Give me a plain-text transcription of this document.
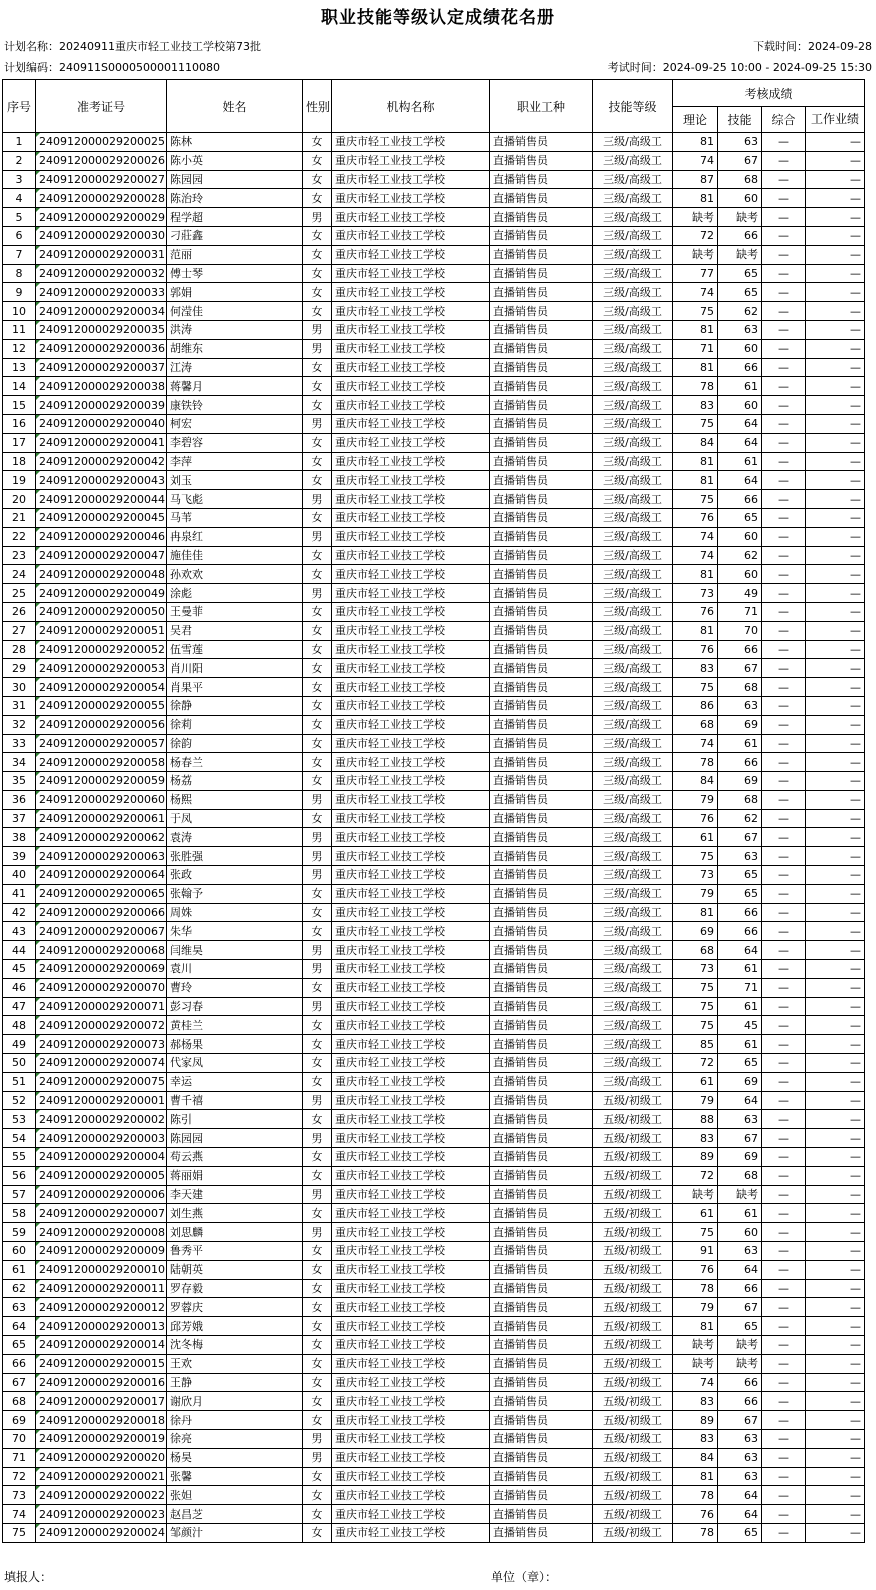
职业技能等级认定成绩花名册
计划名称：20240911重庆市轻工业技工学校第73批	下载时间：2024-09-28
计划编码：240911S0000500001110080	考试时间：2024-09-25 10:00 - 2024-09-25 15:30
序号	准考证号	姓名	性别	机构名称	职业工种	技能等级	考核成绩			
							理论	技能	综合	工作业绩
1	240912000029200025	陈林	女	重庆市轻工业技工学校	直播销售员	三级/高级工	81	63	—	—
2	240912000029200026	陈小英	女	重庆市轻工业技工学校	直播销售员	三级/高级工	74	67	—	—
3	240912000029200027	陈园园	女	重庆市轻工业技工学校	直播销售员	三级/高级工	87	68	—	—
4	240912000029200028	陈治玲	女	重庆市轻工业技工学校	直播销售员	三级/高级工	81	60	—	—
5	240912000029200029	程学超	男	重庆市轻工业技工学校	直播销售员	三级/高级工	缺考	缺考	—	—
6	240912000029200030	刁莊鑫	女	重庆市轻工业技工学校	直播销售员	三级/高级工	72	66	—	—
7	240912000029200031	范丽	女	重庆市轻工业技工学校	直播销售员	三级/高级工	缺考	缺考	—	—
8	240912000029200032	傅士琴	女	重庆市轻工业技工学校	直播销售员	三级/高级工	77	65	—	—
9	240912000029200033	郭娟	女	重庆市轻工业技工学校	直播销售员	三级/高级工	74	65	—	—
10	240912000029200034	何滢佳	女	重庆市轻工业技工学校	直播销售员	三级/高级工	75	62	—	—
11	240912000029200035	洪涛	男	重庆市轻工业技工学校	直播销售员	三级/高级工	81	63	—	—
12	240912000029200036	胡维东	男	重庆市轻工业技工学校	直播销售员	三级/高级工	71	60	—	—
13	240912000029200037	江涛	女	重庆市轻工业技工学校	直播销售员	三级/高级工	81	66	—	—
14	240912000029200038	蒋馨月	女	重庆市轻工业技工学校	直播销售员	三级/高级工	78	61	—	—
15	240912000029200039	康铁铃	女	重庆市轻工业技工学校	直播销售员	三级/高级工	83	60	—	—
16	240912000029200040	柯宏	男	重庆市轻工业技工学校	直播销售员	三级/高级工	75	64	—	—
17	240912000029200041	李碧容	女	重庆市轻工业技工学校	直播销售员	三级/高级工	84	64	—	—
18	240912000029200042	李萍	女	重庆市轻工业技工学校	直播销售员	三级/高级工	81	61	—	—
19	240912000029200043	刘玉	女	重庆市轻工业技工学校	直播销售员	三级/高级工	81	64	—	—
20	240912000029200044	马飞彪	男	重庆市轻工业技工学校	直播销售员	三级/高级工	75	66	—	—
21	240912000029200045	马苇	女	重庆市轻工业技工学校	直播销售员	三级/高级工	76	65	—	—
22	240912000029200046	冉泉红	男	重庆市轻工业技工学校	直播销售员	三级/高级工	74	60	—	—
23	240912000029200047	施佳佳	女	重庆市轻工业技工学校	直播销售员	三级/高级工	74	62	—	—
24	240912000029200048	孙欢欢	女	重庆市轻工业技工学校	直播销售员	三级/高级工	81	60	—	—
25	240912000029200049	涂彪	男	重庆市轻工业技工学校	直播销售员	三级/高级工	73	49	—	—
26	240912000029200050	王曼菲	女	重庆市轻工业技工学校	直播销售员	三级/高级工	76	71	—	—
27	240912000029200051	吴君	女	重庆市轻工业技工学校	直播销售员	三级/高级工	81	70	—	—
28	240912000029200052	伍雪莲	女	重庆市轻工业技工学校	直播销售员	三级/高级工	76	66	—	—
29	240912000029200053	肖川阳	女	重庆市轻工业技工学校	直播销售员	三级/高级工	83	67	—	—
30	240912000029200054	肖果平	女	重庆市轻工业技工学校	直播销售员	三级/高级工	75	68	—	—
31	240912000029200055	徐静	女	重庆市轻工业技工学校	直播销售员	三级/高级工	86	63	—	—
32	240912000029200056	徐莉	女	重庆市轻工业技工学校	直播销售员	三级/高级工	68	69	—	—
33	240912000029200057	徐韵	女	重庆市轻工业技工学校	直播销售员	三级/高级工	74	61	—	—
34	240912000029200058	杨春兰	女	重庆市轻工业技工学校	直播销售员	三级/高级工	78	66	—	—
35	240912000029200059	杨荔	女	重庆市轻工业技工学校	直播销售员	三级/高级工	84	69	—	—
36	240912000029200060	杨熙	男	重庆市轻工业技工学校	直播销售员	三级/高级工	79	68	—	—
37	240912000029200061	于凤	女	重庆市轻工业技工学校	直播销售员	三级/高级工	76	62	—	—
38	240912000029200062	袁涛	男	重庆市轻工业技工学校	直播销售员	三级/高级工	61	67	—	—
39	240912000029200063	张胜强	男	重庆市轻工业技工学校	直播销售员	三级/高级工	75	63	—	—
40	240912000029200064	张政	男	重庆市轻工业技工学校	直播销售员	三级/高级工	73	65	—	—
41	240912000029200065	张翰予	女	重庆市轻工业技工学校	直播销售员	三级/高级工	79	65	—	—
42	240912000029200066	周姝	女	重庆市轻工业技工学校	直播销售员	三级/高级工	81	66	—	—
43	240912000029200067	朱华	女	重庆市轻工业技工学校	直播销售员	三级/高级工	69	66	—	—
44	240912000029200068	闫维昊	男	重庆市轻工业技工学校	直播销售员	三级/高级工	68	64	—	—
45	240912000029200069	袁川	男	重庆市轻工业技工学校	直播销售员	三级/高级工	73	61	—	—
46	240912000029200070	曹玲	女	重庆市轻工业技工学校	直播销售员	三级/高级工	75	71	—	—
47	240912000029200071	彭习春	男	重庆市轻工业技工学校	直播销售员	三级/高级工	75	61	—	—
48	240912000029200072	黄桂兰	女	重庆市轻工业技工学校	直播销售员	三级/高级工	75	45	—	—
49	240912000029200073	郝杨果	女	重庆市轻工业技工学校	直播销售员	三级/高级工	85	61	—	—
50	240912000029200074	代家凤	女	重庆市轻工业技工学校	直播销售员	三级/高级工	72	65	—	—
51	240912000029200075	幸运	女	重庆市轻工业技工学校	直播销售员	三级/高级工	61	69	—	—
52	240912000029200001	曹千禧	男	重庆市轻工业技工学校	直播销售员	五级/初级工	79	64	—	—
53	240912000029200002	陈引	女	重庆市轻工业技工学校	直播销售员	五级/初级工	88	63	—	—
54	240912000029200003	陈园园	男	重庆市轻工业技工学校	直播销售员	五级/初级工	83	67	—	—
55	240912000029200004	苟云燕	女	重庆市轻工业技工学校	直播销售员	五级/初级工	89	69	—	—
56	240912000029200005	蒋丽娟	女	重庆市轻工业技工学校	直播销售员	五级/初级工	72	68	—	—
57	240912000029200006	李天建	男	重庆市轻工业技工学校	直播销售员	五级/初级工	缺考	缺考	—	—
58	240912000029200007	刘生燕	女	重庆市轻工业技工学校	直播销售员	五级/初级工	61	61	—	—
59	240912000029200008	刘思麟	男	重庆市轻工业技工学校	直播销售员	五级/初级工	75	60	—	—
60	240912000029200009	鲁秀平	女	重庆市轻工业技工学校	直播销售员	五级/初级工	91	63	—	—
61	240912000029200010	陆朝英	女	重庆市轻工业技工学校	直播销售员	五级/初级工	76	64	—	—
62	240912000029200011	罗存毅	女	重庆市轻工业技工学校	直播销售员	五级/初级工	78	66	—	—
63	240912000029200012	罗蓉庆	女	重庆市轻工业技工学校	直播销售员	五级/初级工	79	67	—	—
64	240912000029200013	邱芳娥	女	重庆市轻工业技工学校	直播销售员	五级/初级工	81	65	—	—
65	240912000029200014	沈冬梅	女	重庆市轻工业技工学校	直播销售员	五级/初级工	缺考	缺考	—	—
66	240912000029200015	王欢	女	重庆市轻工业技工学校	直播销售员	五级/初级工	缺考	缺考	—	—
67	240912000029200016	王静	女	重庆市轻工业技工学校	直播销售员	五级/初级工	74	66	—	—
68	240912000029200017	谢欣月	女	重庆市轻工业技工学校	直播销售员	五级/初级工	83	66	—	—
69	240912000029200018	徐丹	女	重庆市轻工业技工学校	直播销售员	五级/初级工	89	67	—	—
70	240912000029200019	徐亮	男	重庆市轻工业技工学校	直播销售员	五级/初级工	83	63	—	—
71	240912000029200020	杨昊	男	重庆市轻工业技工学校	直播销售员	五级/初级工	84	63	—	—
72	240912000029200021	张馨	女	重庆市轻工业技工学校	直播销售员	五级/初级工	81	63	—	—
73	240912000029200022	张妲	女	重庆市轻工业技工学校	直播销售员	五级/初级工	78	64	—	—
74	240912000029200023	赵昌芝	女	重庆市轻工业技工学校	直播销售员	五级/初级工	76	64	—	—
75	240912000029200024	邹颜汁	女	重庆市轻工业技工学校	直播销售员	五级/初级工	78	65	—	—
填报人：	单位（章）：
